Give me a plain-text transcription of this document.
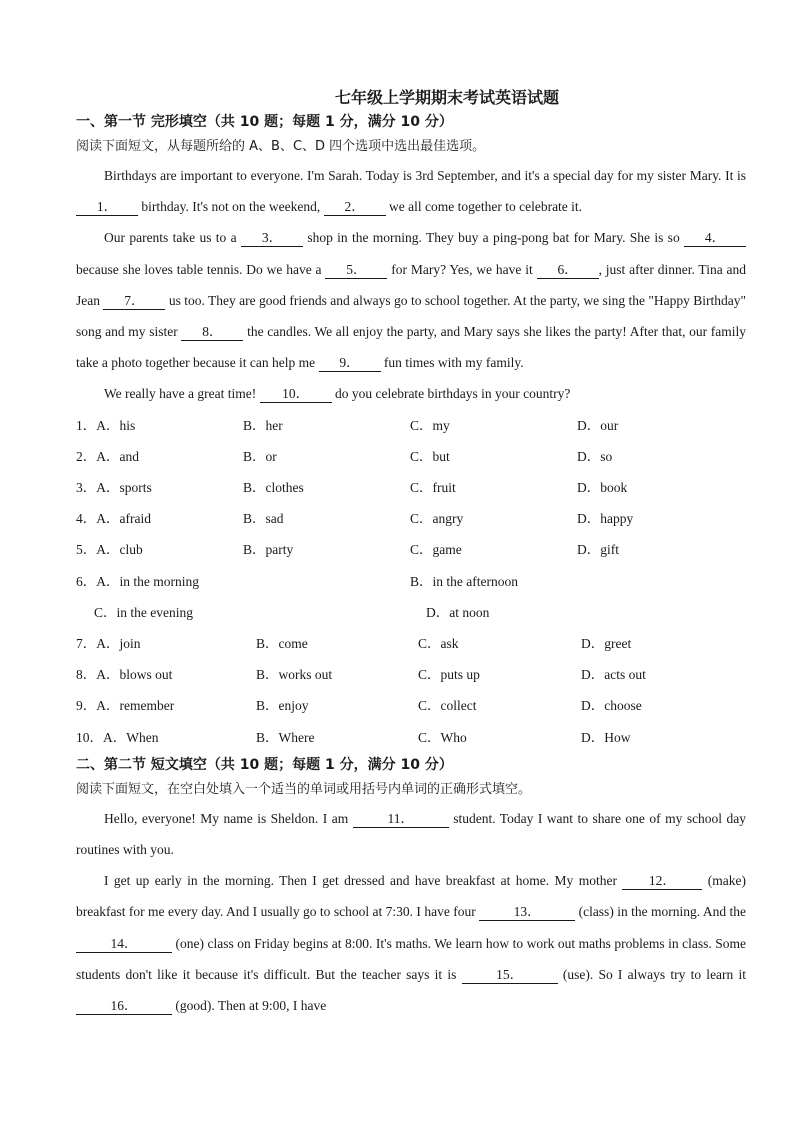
七年级上学期期末考试英语试题
一、第一节 完形填空（共 10 题；每题 1 分，满分 10 分）
阅读下面短文，从每题所给的 A、B、C、D 四个选项中选出最佳选项。
Birthdays are important to everyone. I'm Sarah. Today is 3rd September, and it's a special day for my sister Mary. It is 1． birthday. It's not on the weekend, 2． we all come together to celebrate it.
Our parents take us to a 3． shop in the morning. They buy a ping-pong bat for Mary. She is so 4． because she loves table tennis. Do we have a 5． for Mary? Yes, we have it 6． , just after dinner. Tina and Jean 7． us too. They are good friends and always go to school together. At the party, we sing the "Happy Birthday" song and my sister 8． the candles. We all enjoy the party, and Mary says she likes the party! After that, our family take a photo together because it can help me 9． fun times with my family.
We really have a great time! 10． do you celebrate birthdays in your country?
1．A．his	B．her	C．my	D．our
2．A．and	B．or	C．but	D．so
3．A．sports	B．clothes	C．fruit	D．book
4．A．afraid	B．sad	C．angry	D．happy
5．A．club	B．party	C．game	D．gift
6．A．in the morning	B．in the afternoon
C．in the evening	D．at noon
7．A．join	B．come	C．ask	D．greet
8．A．blows out	B．works out	C．puts up	D．acts out
9．A．remember	B．enjoy	C．collect	D．choose
10．A．When	B．Where	C．Who	D．How
二、第二节 短文填空（共 10 题；每题 1 分，满分 10 分）
阅读下面短文，在空白处填入一个适当的单词或用括号内单词的正确形式填空。
Hello, everyone! My name is Sheldon. I am	11．	student. Today I want to share one of my school day routines with you.
I get up early in the morning. Then I get dressed and have breakfast at home. My mother 12． (make) breakfast for me every day. And I usually go to school at 7:30. I have four	13．	(class) in the morning. And the 14．	(one) class on Friday begins at 8:00. It's maths. We learn how to work out maths problems in class. Some students don't like it because it's difficult. But the teacher says it is	15．	(use). So I always try to learn it 16．	(good). Then at 9:00, I have
